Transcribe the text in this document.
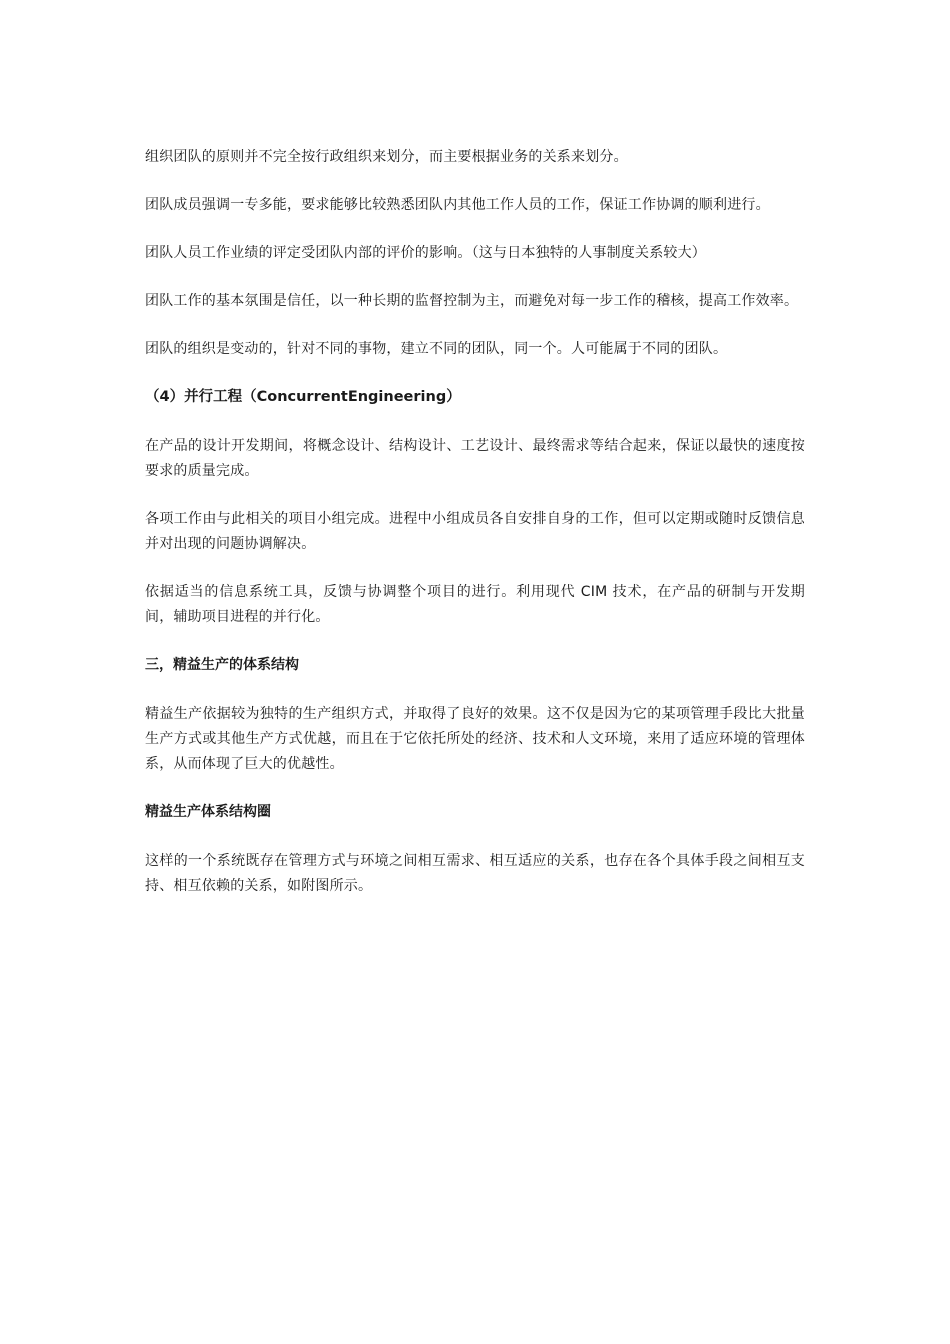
组织团队的原则并不完全按行政组织来划分，而主要根据业务的关系来划分。

团队成员强调一专多能，要求能够比较熟悉团队内其他工作人员的工作，保证工作协调的顺利进行。

团队人员工作业绩的评定受团队内部的评价的影响。（这与日本独特的人事制度关系较大）

团队工作的基本氛围是信任，以一种长期的监督控制为主，而避免对每一步工作的稽核，提高工作效率。

团队的组织是变动的，针对不同的事物，建立不同的团队，同一个。人可能属于不同的团队。

（4）并行工程（ConcurrentEngineering）

在产品的设计开发期间，将概念设计、结构设计、工艺设计、最终需求等结合起来，保证以最快的速度按要求的质量完成。

各项工作由与此相关的项目小组完成。进程中小组成员各自安排自身的工作，但可以定期或随时反馈信息并对出现的问题协调解决。

依据适当的信息系统工具，反馈与协调整个项目的进行。利用现代 CIM 技术，在产品的研制与开发期间，辅助项目进程的并行化。

三，精益生产的体系结构

精益生产依据较为独特的生产组织方式，并取得了良好的效果。这不仅是因为它的某项管理手段比大批量生产方式或其他生产方式优越，而且在于它依托所处的经济、技术和人文环境，来用了适应环境的管理体系，从而体现了巨大的优越性。

精益生产体系结构圈

这样的一个系统既存在管理方式与环境之间相互需求、相互适应的关系，也存在各个具体手段之间相互支持、相互依赖的关系，如附图所示。
